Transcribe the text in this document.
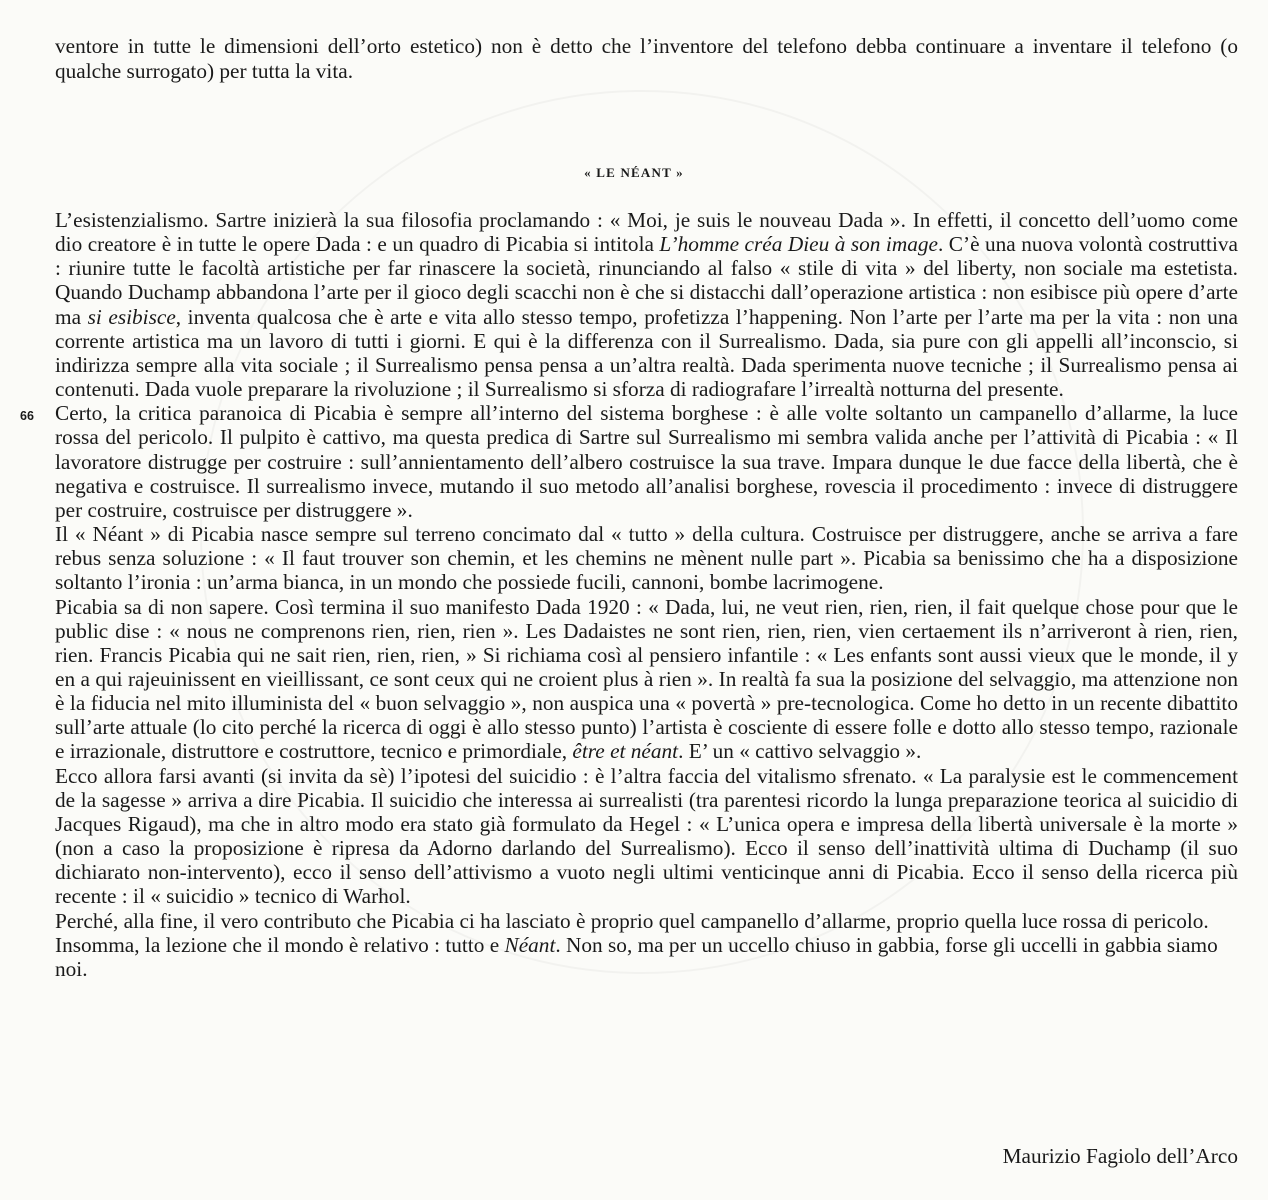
ventore in tutte le dimensioni dell’orto estetico) non è detto che l’inventore del telefono debba continuare a inventare il telefono (o qualche surrogato) per tutta la vita.

« LE NÉANT »

L’esistenzialismo. Sartre inizierà la sua filosofia proclamando : « Moi, je suis le nouveau Dada ». In effetti, il concetto dell’uomo come dio creatore è in tutte le opere Dada : e un quadro di Picabia si intitola L’homme créa Dieu à son image. C’è una nuova volontà costruttiva : riunire tutte le facoltà artistiche per far rinascere la società, rinunciando al falso « stile di vita » del liberty, non sociale ma estetista. Quando Duchamp abbandona l’arte per il gioco degli scacchi non è che si distacchi dall’operazione artistica : non esibisce più opere d’arte ma si esibisce, inventa qualcosa che è arte e vita allo stesso tempo, profetizza l’happening. Non l’arte per l’arte ma per la vita : non una corrente artistica ma un lavoro di tutti i giorni. E qui è la differenza con il Surrealismo. Dada, sia pure con gli appelli all’inconscio, si indirizza sempre alla vita sociale ; il Surrealismo pensa pensa a un’altra realtà. Dada sperimenta nuove tecniche ; il Surrealismo pensa ai contenuti. Dada vuole preparare la rivoluzione ; il Surrealismo si sforza di radiografare l’irrealtà notturna del presente.

Certo, la critica paranoica di Picabia è sempre all’interno del sistema borghese : è alle volte soltanto un campanello d’allarme, la luce rossa del pericolo. Il pulpito è cattivo, ma questa predica di Sartre sul Surrealismo mi sembra valida anche per l’attività di Picabia : « Il lavoratore distrugge per costruire : sull’annientamento dell’albero costruisce la sua trave. Impara dunque le due facce della libertà, che è negativa e costruisce. Il surrealismo invece, mutando il suo metodo all’analisi borghese, rovescia il procedimento : invece di distruggere per costruire, costruisce per distruggere ».

Il « Néant » di Picabia nasce sempre sul terreno concimato dal « tutto » della cultura. Costruisce per distruggere, anche se arriva a fare rebus senza soluzione : « Il faut trouver son chemin, et les chemins ne mènent nulle part ». Picabia sa benissimo che ha a disposizione soltanto l’ironia : un’arma bianca, in un mondo che possiede fucili, cannoni, bombe lacrimogene.

Picabia sa di non sapere. Così termina il suo manifesto Dada 1920 : « Dada, lui, ne veut rien, rien, rien, il fait quelque chose pour que le public dise : « nous ne comprenons rien, rien, rien ». Les Dadaistes ne sont rien, rien, rien, vien certaement ils n’arriveront à rien, rien, rien. Francis Picabia qui ne sait rien, rien, rien, » Si richiama così al pensiero infantile : « Les enfants sont aussi vieux que le monde, il y en a qui rajeuinissent en vieillissant, ce sont ceux qui ne croient plus à rien ». In realtà fa sua la posizione del selvaggio, ma attenzione non è la fiducia nel mito illuminista del « buon selvaggio », non auspica una « povertà » pre-tecnologica. Come ho detto in un recente dibattito sull’arte attuale (lo cito perché la ricerca di oggi è allo stesso punto) l’artista è cosciente di essere folle e dotto allo stesso tempo, razionale e irrazionale, distruttore e costruttore, tecnico e primordiale, être et néant. E’ un « cattivo selvaggio ».

Ecco allora farsi avanti (si invita da sè) l’ipotesi del suicidio : è l’altra faccia del vitalismo sfrenato. « La paralysie est le commencement de la sagesse » arriva a dire Picabia. Il suicidio che interessa ai surrealisti (tra parentesi ricordo la lunga preparazione teorica al suicidio di Jacques Rigaud), ma che in altro modo era stato già formulato da Hegel : « L’unica opera e impresa della libertà universale è la morte » (non a caso la proposizione è ripresa da Adorno darlando del Surrealismo). Ecco il senso dell’inattività ultima di Duchamp (il suo dichiarato non-intervento), ecco il senso dell’attivismo a vuoto negli ultimi venticinque anni di Picabia. Ecco il senso della ricerca più recente : il « suicidio » tecnico di Warhol.

Perché, alla fine, il vero contributo che Picabia ci ha lasciato è proprio quel campanello d’allarme, proprio quella luce rossa di pericolo. Insomma, la lezione che il mondo è relativo : tutto e Néant. Non so, ma per un uccello chiuso in gabbia, forse gli uccelli in gabbia siamo noi.

66

Maurizio Fagiolo dell’Arco
